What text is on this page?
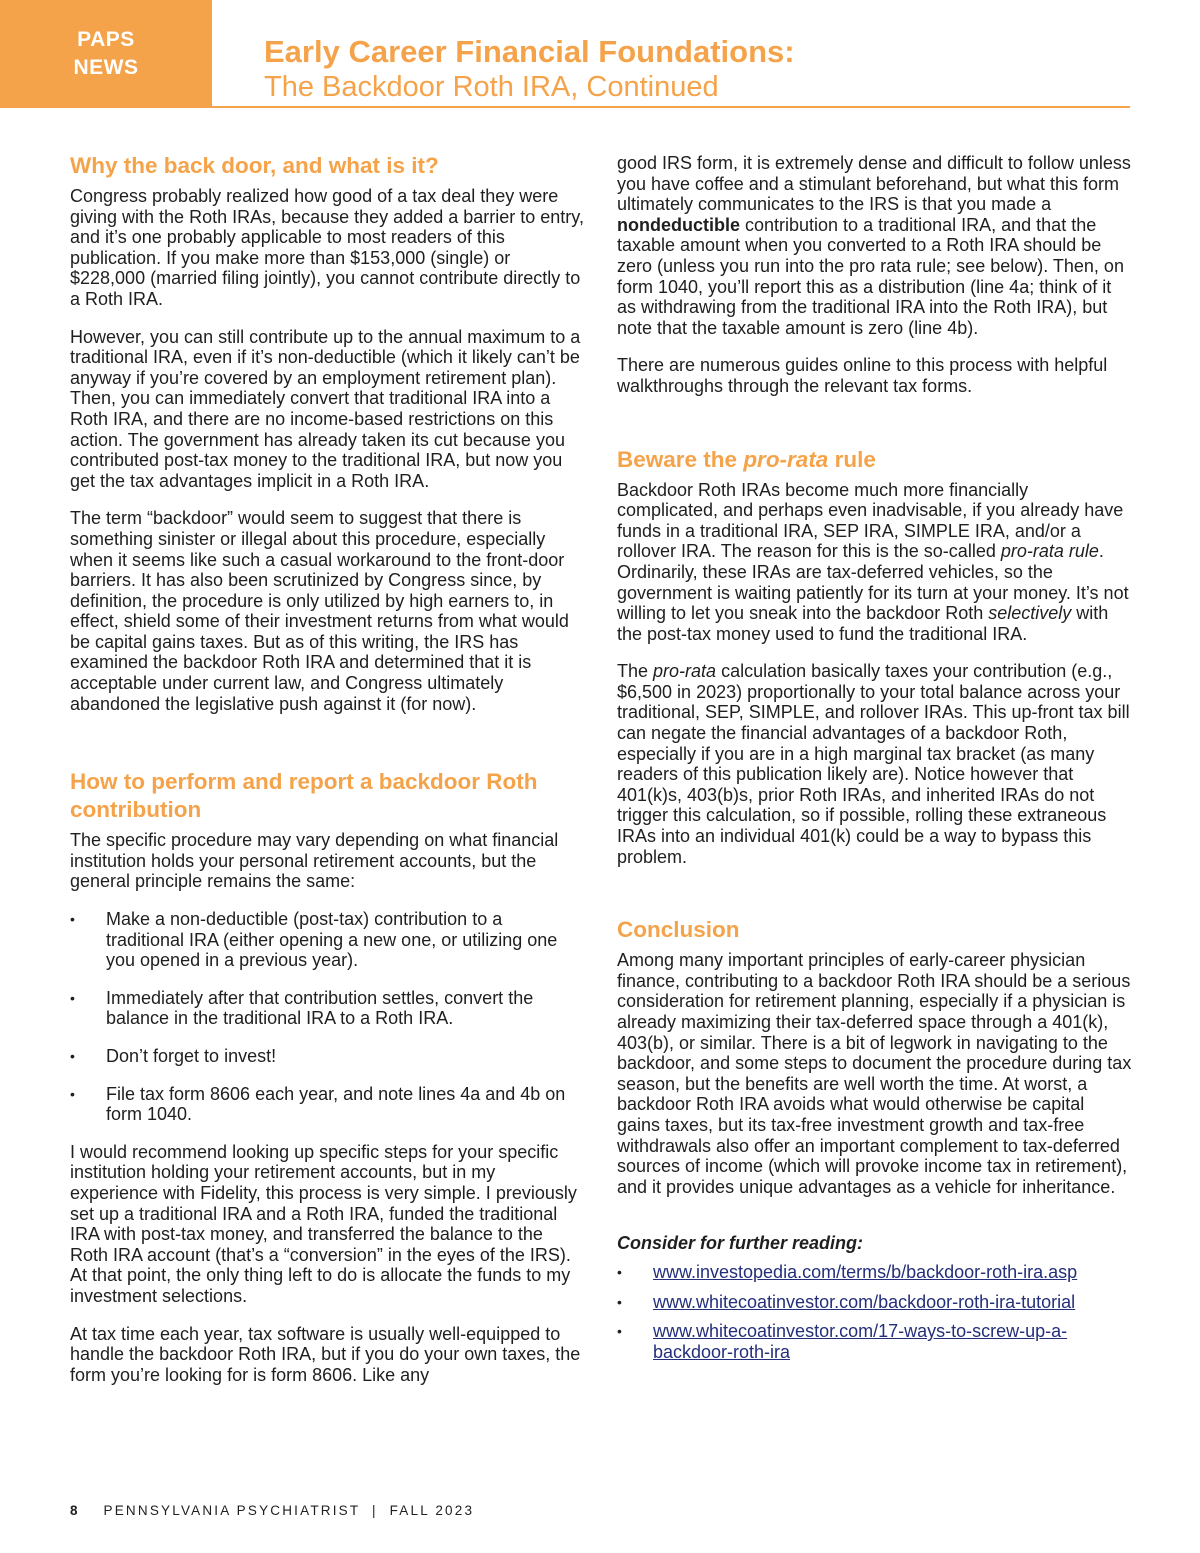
PAPS
NEWS	Early Career Financial Foundations:
The Backdoor Roth IRA, Continued
Why the back door, and what is it?

Congress probably realized how good of a tax deal they were giving with the Roth IRAs, because they added a barrier to entry, and it’s one probably applicable to most readers of this publication. If you make more than $153,000 (single) or $228,000 (married filing jointly), you cannot contribute directly to a Roth IRA.

However, you can still contribute up to the annual maximum to a traditional IRA, even if it’s non-deductible (which it likely can’t be anyway if you’re covered by an employment retirement plan). Then, you can immediately convert that traditional IRA into a Roth IRA, and there are no income-based restrictions on this action. The government has already taken its cut because you contributed post-tax money to the traditional IRA, but now you get the tax advantages implicit in a Roth IRA.

The term “backdoor” would seem to suggest that there is something sinister or illegal about this procedure, especially when it seems like such a casual workaround to the front-door barriers. It has also been scrutinized by Congress since, by definition, the procedure is only utilized by high earners to, in effect, shield some of their investment returns from what would be capital gains taxes. But as of this writing, the IRS has examined the backdoor Roth IRA and determined that it is acceptable under current law, and Congress ultimately abandoned the legislative push against it (for now).

How to perform and report a backdoor Roth contribution

The specific procedure may vary depending on what financial institution holds your personal retirement accounts, but the general principle remains the same:

• Make a non-deductible (post-tax) contribution to a traditional IRA (either opening a new one, or utilizing one you opened in a previous year).
• Immediately after that contribution settles, convert the balance in the traditional IRA to a Roth IRA.
• Don’t forget to invest!
• File tax form 8606 each year, and note lines 4a and 4b on form 1040.

I would recommend looking up specific steps for your specific institution holding your retirement accounts, but in my experience with Fidelity, this process is very simple. I previously set up a traditional IRA and a Roth IRA, funded the traditional IRA with post-tax money, and transferred the balance to the Roth IRA account (that’s a “conversion” in the eyes of the IRS). At that point, the only thing left to do is allocate the funds to my investment selections.

At tax time each year, tax software is usually well-equipped to handle the backdoor Roth IRA, but if you do your own taxes, the form you’re looking for is form 8606. Like any

good IRS form, it is extremely dense and difficult to follow unless you have coffee and a stimulant beforehand, but what this form ultimately communicates to the IRS is that you made a nondeductible contribution to a traditional IRA, and that the taxable amount when you converted to a Roth IRA should be zero (unless you run into the pro rata rule; see below). Then, on form 1040, you’ll report this as a distribution (line 4a; think of it as withdrawing from the traditional IRA into the Roth IRA), but note that the taxable amount is zero (line 4b).

There are numerous guides online to this process with helpful walkthroughs through the relevant tax forms.

Beware the pro-rata rule

Backdoor Roth IRAs become much more financially complicated, and perhaps even inadvisable, if you already have funds in a traditional IRA, SEP IRA, SIMPLE IRA, and/or a rollover IRA. The reason for this is the so-called pro-rata rule. Ordinarily, these IRAs are tax-deferred vehicles, so the government is waiting patiently for its turn at your money. It’s not willing to let you sneak into the backdoor Roth selectively with the post-tax money used to fund the traditional IRA.

The pro-rata calculation basically taxes your contribution (e.g., $6,500 in 2023) proportionally to your total balance across your traditional, SEP, SIMPLE, and rollover IRAs. This up-front tax bill can negate the financial advantages of a backdoor Roth, especially if you are in a high marginal tax bracket (as many readers of this publication likely are). Notice however that 401(k)s, 403(b)s, prior Roth IRAs, and inherited IRAs do not trigger this calculation, so if possible, rolling these extraneous IRAs into an individual 401(k) could be a way to bypass this problem.

Conclusion

Among many important principles of early-career physician finance, contributing to a backdoor Roth IRA should be a serious consideration for retirement planning, especially if a physician is already maximizing their tax-deferred space through a 401(k), 403(b), or similar. There is a bit of legwork in navigating to the backdoor, and some steps to document the procedure during tax season, but the benefits are well worth the time. At worst, a backdoor Roth IRA avoids what would otherwise be capital gains taxes, but its tax-free investment growth and tax-free withdrawals also offer an important complement to tax-deferred sources of income (which will provoke income tax in retirement), and it provides unique advantages as a vehicle for inheritance.

Consider for further reading:

• www.investopedia.com/terms/b/backdoor-roth-ira.asp
• www.whitecoatinvestor.com/backdoor-roth-ira-tutorial
• www.whitecoatinvestor.com/17-ways-to-screw-up-a-backdoor-roth-ira
8 PENNSYLVANIA PSYCHIATRIST  |  FALL 2023
